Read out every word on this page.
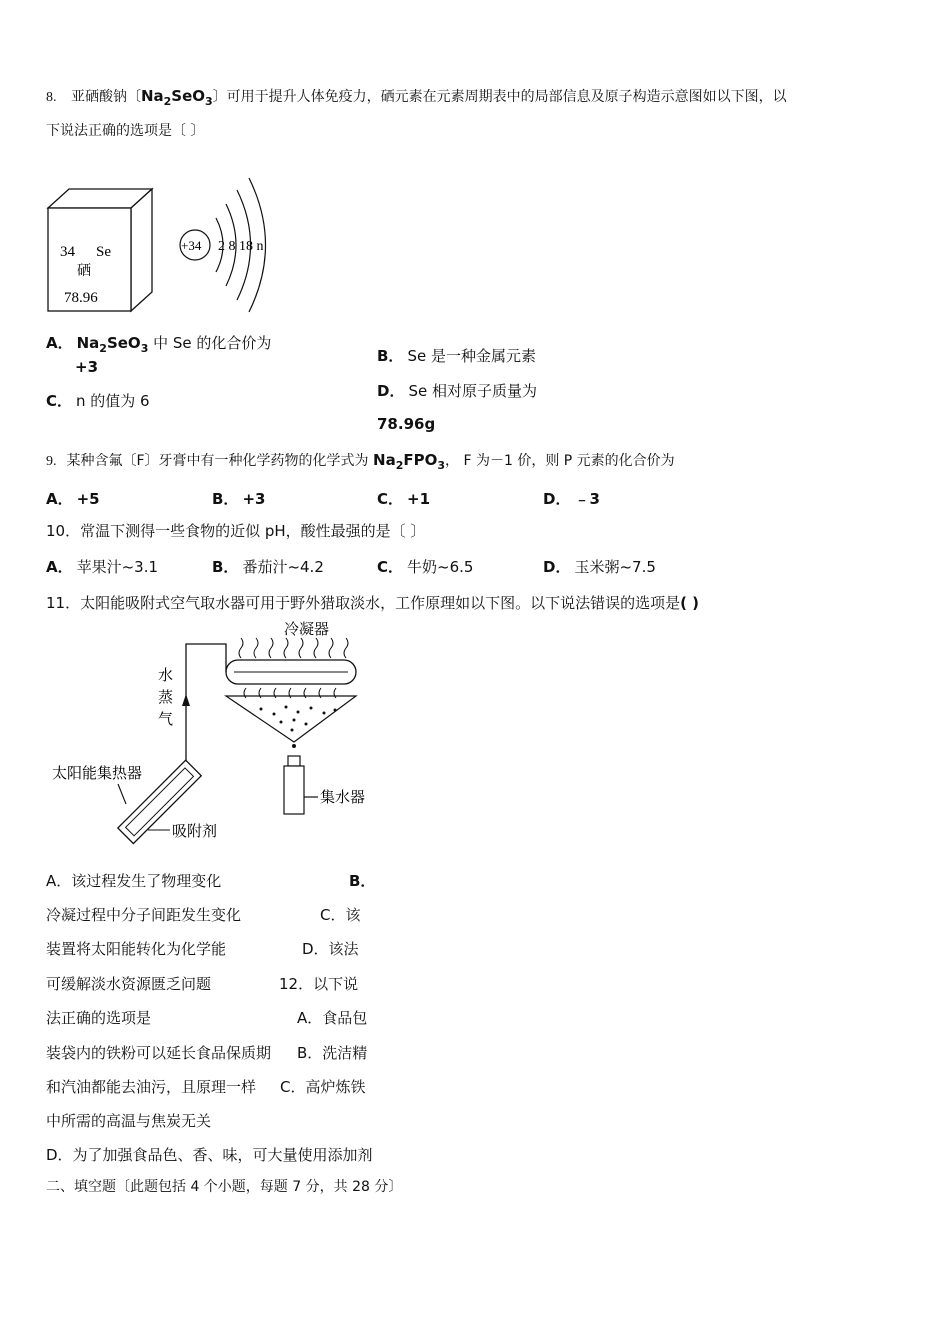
8. 亚硒酸钠〔$Na_2SeO_3$〕可用于提升人体免疫力，硒元素在元素周期表中的局部信息及原子构造示意图如以下图，以
下说法正确的选项是〔 〕
34 Se
硒
78.96
+34 2 8 18 n
A． $Na_2SeO_3$ 中 Se 的化合价为
+3
B． Se 是一种金属元素
C． n 的值为 6
D． Se 相对原子质量为
78.96g
9. 某种含氟〔F〕牙膏中有一种化学药物的化学式为 $Na_2FPO_3$， F 为－1 价，则 P 元素的化合价为
A． +5	B． +3	C． +1	D． ﹣3
10．常温下测得一些食物的近似 pH，酸性最强的是〔 〕
A． 苹果汁~3.1	B． 番茄汁~4.2	C． 牛奶~6.5	D． 玉米粥~7.5
11．太阳能吸附式空气取水器可用于野外猎取淡水，工作原理如以下图。以下说法错误的选项是( )
冷凝器
集水器
水
蒸
气
太阳能集热器
吸附剂
A．该过程发生了物理变化	B．
冷凝过程中分子间距发生变化	C．该
装置将太阳能转化为化学能	D．该法
可缓解淡水资源匮乏问题	12．以下说
法正确的选项是	A．食品包
装袋内的铁粉可以延长食品保质期 B．洗洁精
和汽油都能去油污，且原理一样 C．高炉炼铁
中所需的高温与焦炭无关
D．为了加强食品色、香、味，可大量使用添加剂
二、填空题〔此题包括 4 个小题，每题 7 分，共 28 分〕
